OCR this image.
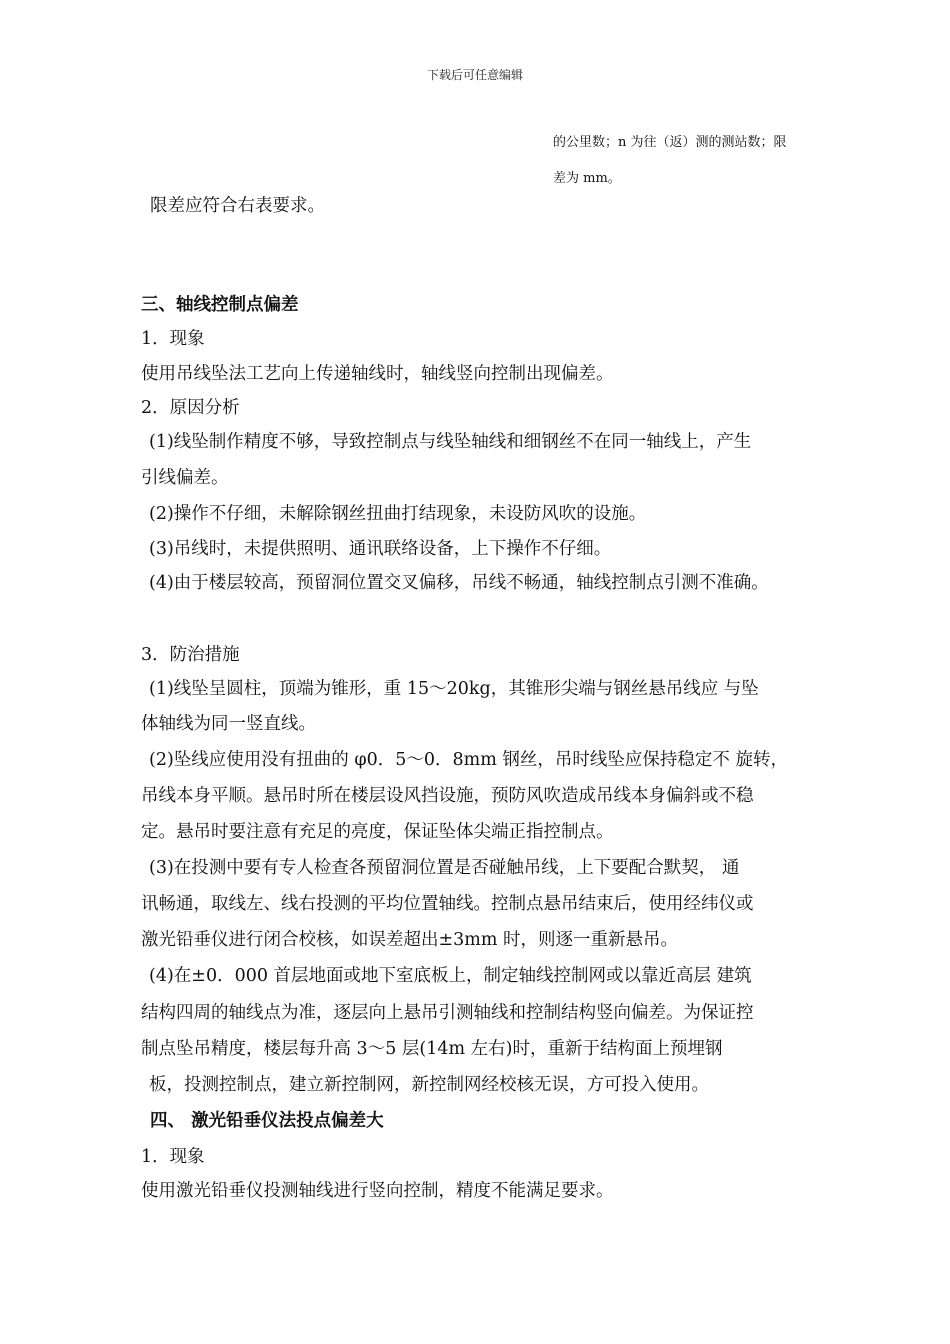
下载后可任意编辑
的公里数；n 为往（返）测的测站数；限
差为 mm。
限差应符合右表要求。
三、轴线控制点偏差
1．现象
使用吊线坠法工艺向上传递轴线时，轴线竖向控制出现偏差。
2．原因分析
(1)线坠制作精度不够，导致控制点与线坠轴线和细钢丝不在同一轴线上，产生
引线偏差。
(2)操作不仔细，未解除钢丝扭曲打结现象，未设防风吹的设施。
(3)吊线时，未提供照明、通讯联络设备，上下操作不仔细。
(4)由于楼层较高，预留洞位置交叉偏移，吊线不畅通，轴线控制点引测不准确。
3．防治措施
(1)线坠呈圆柱，顶端为锥形，重 15～20kg，其锥形尖端与钢丝悬吊线应 与坠
体轴线为同一竖直线。
(2)坠线应使用没有扭曲的 φ0．5～0．8mm 钢丝，吊时线坠应保持稳定不 旋转，
吊线本身平顺。悬吊时所在楼层设风挡设施，预防风吹造成吊线本身偏斜或不稳
定。悬吊时要注意有充足的亮度，保证坠体尖端正指控制点。
(3)在投测中要有专人检查各预留洞位置是否碰触吊线，上下要配合默契， 通
讯畅通，取线左、线右投测的平均位置轴线。控制点悬吊结束后，使用经纬仪或
激光铅垂仪进行闭合校核，如误差超出±3mm 时，则逐一重新悬吊。
(4)在±0．000 首层地面或地下室底板上，制定轴线控制网或以靠近高层 建筑
结构四周的轴线点为准，逐层向上悬吊引测轴线和控制结构竖向偏差。为保证控
制点坠吊精度，楼层每升高 3～5 层(14m 左右)时，重新于结构面上预埋钢
板，投测控制点，建立新控制网，新控制网经校核无误，方可投入使用。
四、 激光铅垂仪法投点偏差大
1．现象
使用激光铅垂仪投测轴线进行竖向控制，精度不能满足要求。
